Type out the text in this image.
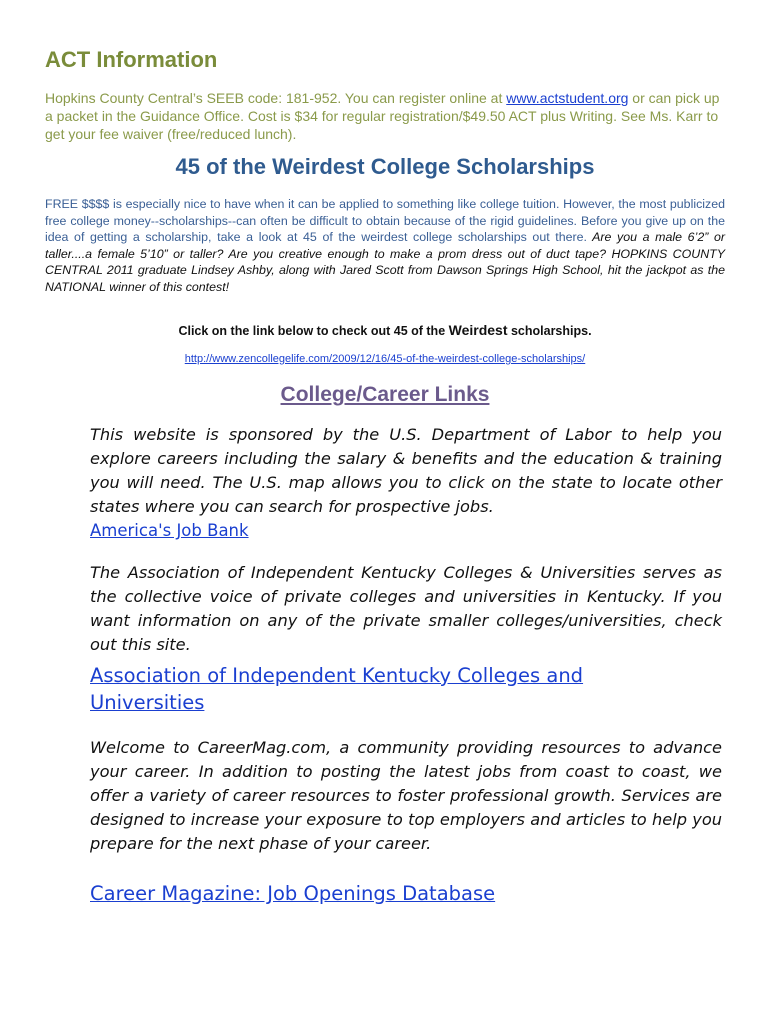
ACT Information

Hopkins County Central’s SEEB code: 181-952. You can register online at www.actstudent.org or can pick up a packet in the Guidance Office. Cost is $34 for regular registration/$49.50 ACT plus Writing. See Ms. Karr to get your fee waiver (free/reduced lunch).

45 of the Weirdest College Scholarships

FREE $$$$ is especially nice to have when it can be applied to something like college tuition. However, the most publicized free college money--scholarships--can often be difficult to obtain because of the rigid guidelines. Before you give up on the idea of getting a scholarship, take a look at 45 of the weirdest college scholarships out there. Are you a male 6’2” or taller....a female 5’10” or taller? Are you creative enough to make a prom dress out of duct tape? HOPKINS COUNTY CENTRAL 2011 graduate Lindsey Ashby, along with Jared Scott from Dawson Springs High School, hit the jackpot as the NATIONAL winner of this contest!

Click on the link below to check out 45 of the Weirdest scholarships.

http://www.zencollegelife.com/2009/12/16/45-of-the-weirdest-college-scholarships/
College/Career Links

This website is sponsored by the U.S. Department of Labor to help you explore careers including the salary & benefits and the education & training you will need. The U.S. map allows you to click on the state to locate other states where you can search for prospective jobs.

America's Job Bank

The Association of Independent Kentucky Colleges & Universities serves as the collective voice of private colleges and universities in Kentucky. If you want information on any of the private smaller colleges/universities, check out this site.

Association of Independent Kentucky Colleges and Universities

Welcome to CareerMag.com, a community providing resources to advance your career. In addition to posting the latest jobs from coast to coast, we offer a variety of career resources to foster professional growth. Services are designed to increase your exposure to top employers and articles to help you prepare for the next phase of your career.

Career Magazine: Job Openings Database
